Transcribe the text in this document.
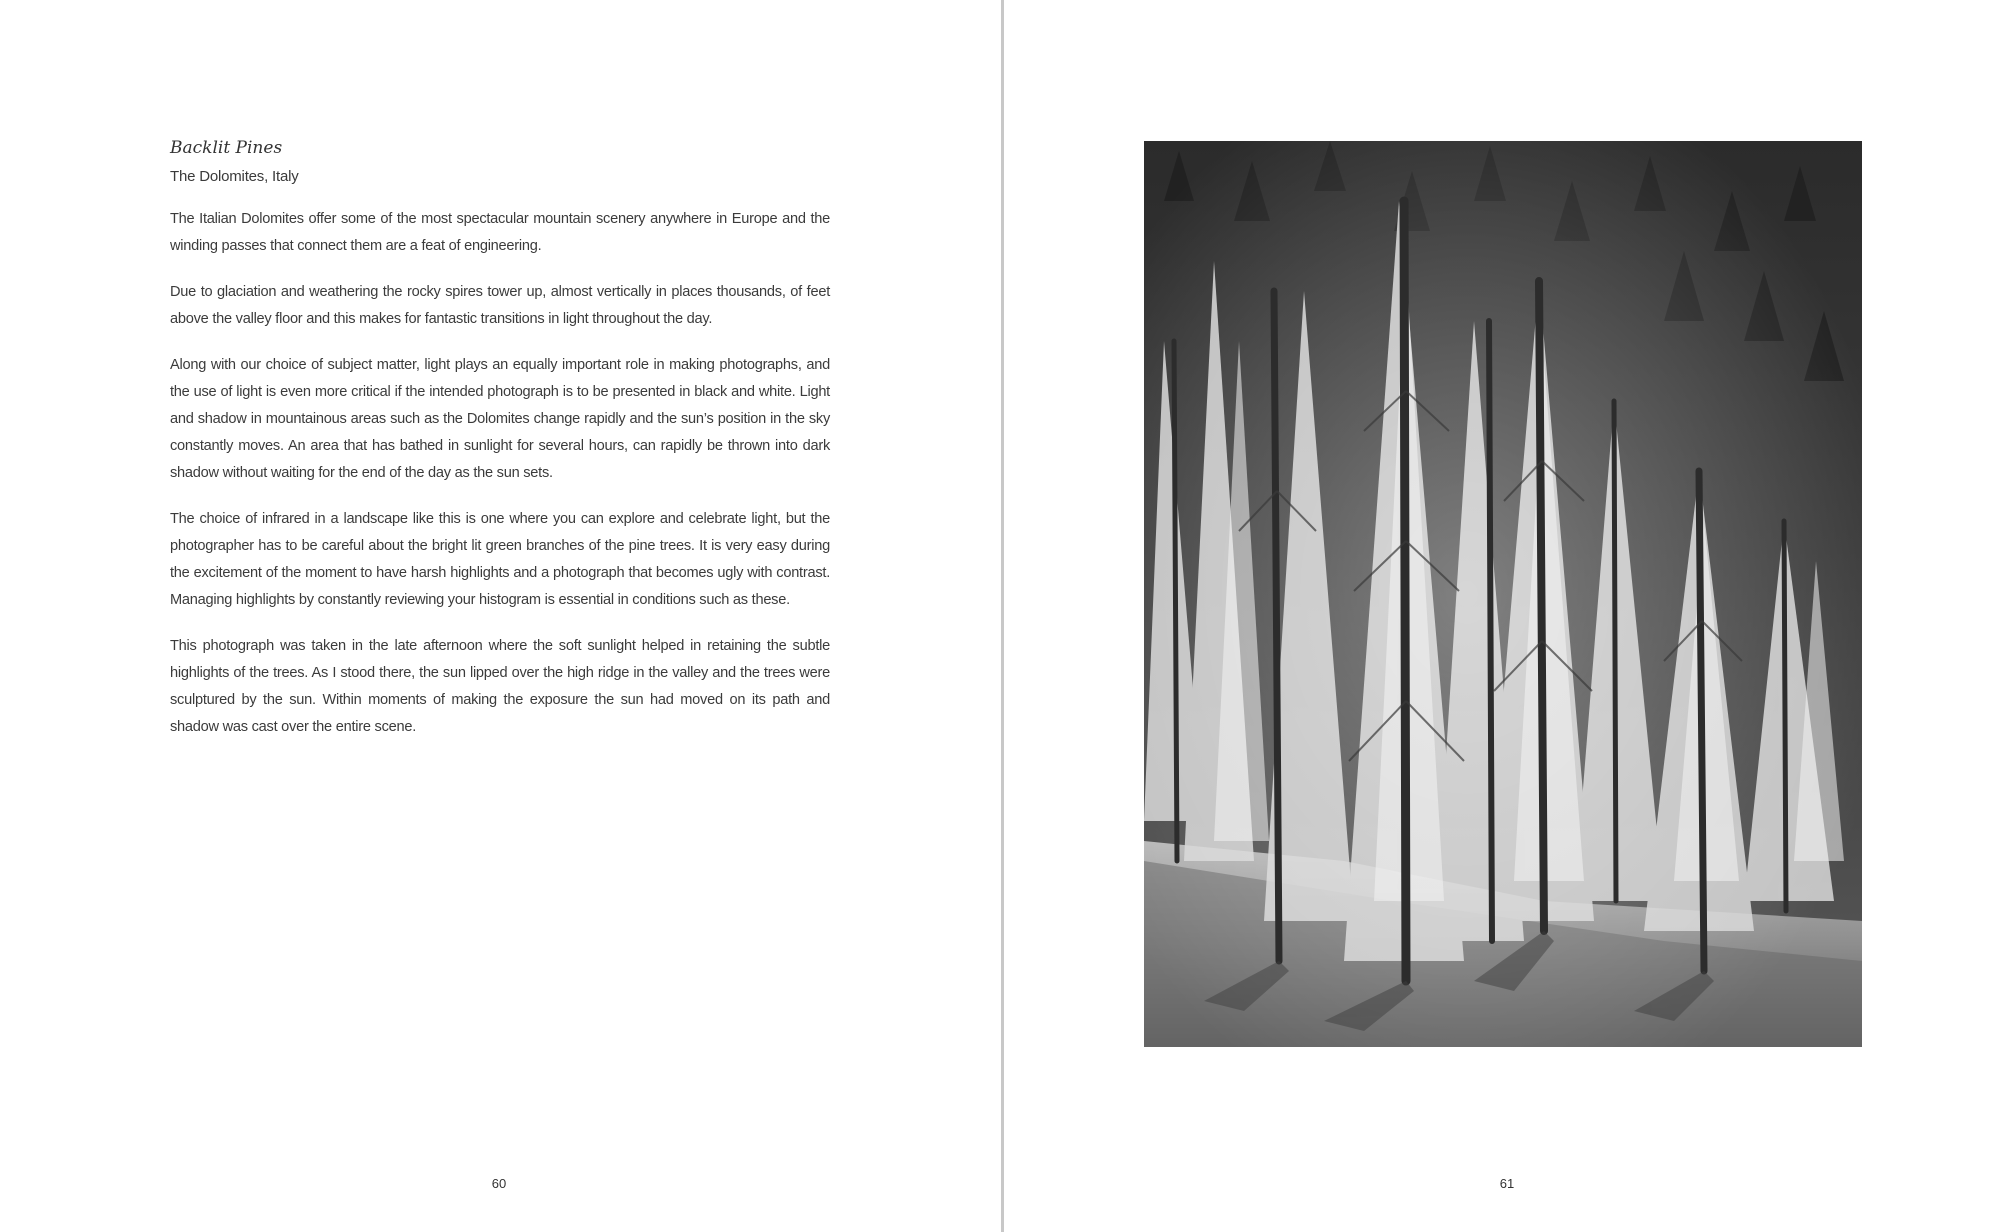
Backlit Pines
The Dolomites, Italy

The Italian Dolomites offer some of the most spectacular mountain scenery anywhere in Europe and the winding passes that connect them are a feat of engineering.

Due to glaciation and weathering the rocky spires tower up, almost vertically in places thousands, of feet above the valley floor and this makes for fantastic transitions in light throughout the day.

Along with our choice of subject matter, light plays an equally important role in making photographs, and the use of light is even more critical if the intended photograph is to be presented in black and white. Light and shadow in mountainous areas such as the Dolomites change rapidly and the sun’s position in the sky constantly moves. An area that has bathed in sunlight for several hours, can rapidly be thrown into dark shadow without waiting for the end of the day as the sun sets.

The choice of infrared in a landscape like this is one where you can explore and celebrate light, but the photographer has to be careful about the bright lit green branches of the pine trees. It is very easy during the excitement of the moment to have harsh highlights and a photograph that becomes ugly with contrast. Managing highlights by constantly reviewing your histogram is essential in conditions such as these.

This photograph was taken in the late afternoon where the soft sunlight helped in retaining the subtle highlights of the trees. As I stood there, the sun lipped over the high ridge in the valley and the trees were sculptured by the sun. Within moments of making the exposure the sun had moved on its path and shadow was cast over the entire scene.

60	61
